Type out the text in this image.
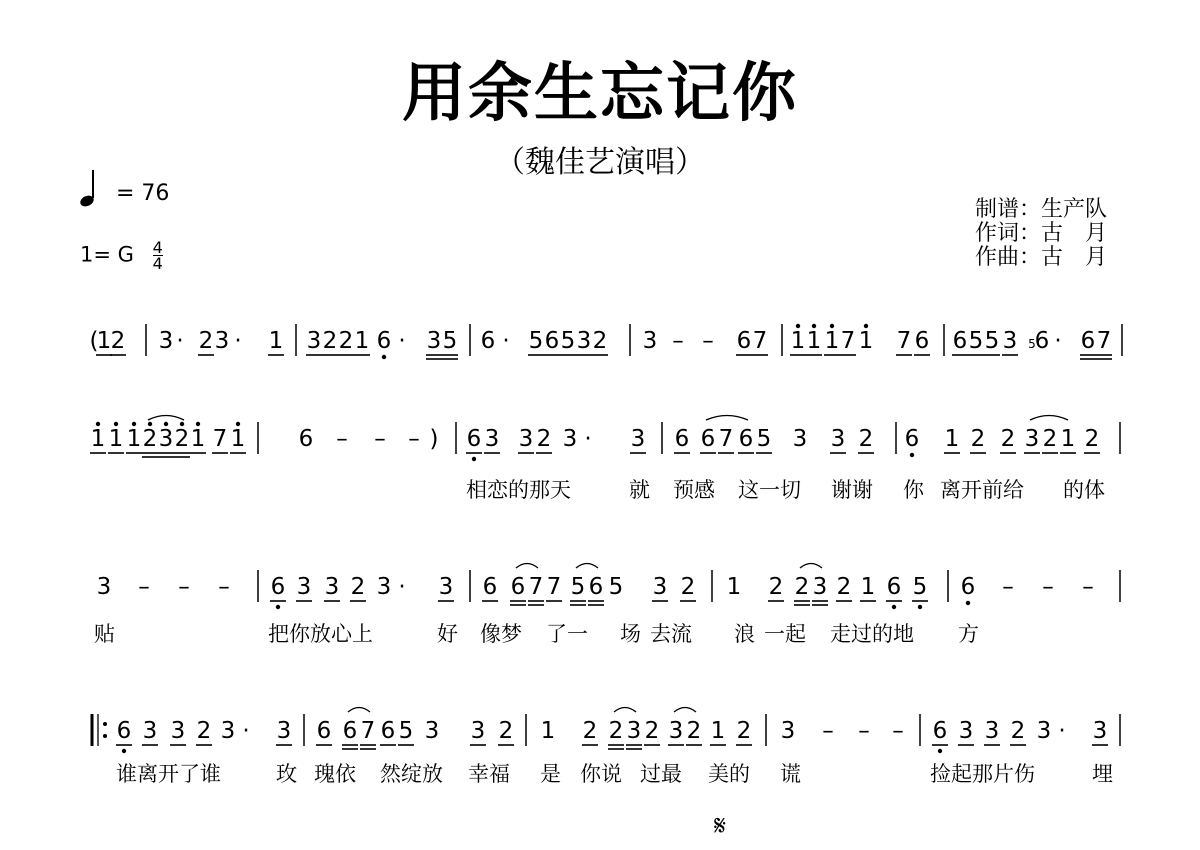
用余生忘记你
（魏佳艺演唱）
= 76
1= G $\frac{4}{4}$
制谱：生产队
作词：古　月
作曲：古　月
1 2 3 · 2 3 · 1 3 2 2 1 6 · 3 5 6 · 5 6 5 3 2 3 – – 6 7 1 1 1 7 1 7 6 6 5 5 3 6 · 6 7
(	5
1 1 1 2 3 2 1 7 1 6 – – – 6 3 3 2 3 · 3 6 6 7 6 5 3 3 2 6 1 2 2 3 2 1 2
)
相恋的那天	就 预感 这一切 谢谢 你 离开前给 的体
3 – – – 6 3 3 2 3 · 3 6 6 7 7 5 6 5 3 2 1 2 2 3 2 1 6 5 6 – – –
贴	把你放心上	好 像梦 了一 场 去流 浪 一起 走过的地 方
6 3 3 2 3 · 3 6 6 7 6 5 3 3 2 1 2 2 3 2 3 2 1 2 3 – – – 6 3 3 2 3 · 3
谁离开了谁	玫 瑰依 然绽放 幸福 是 你说 过最 美的 谎	捡起那片伤	埋
𝄋
